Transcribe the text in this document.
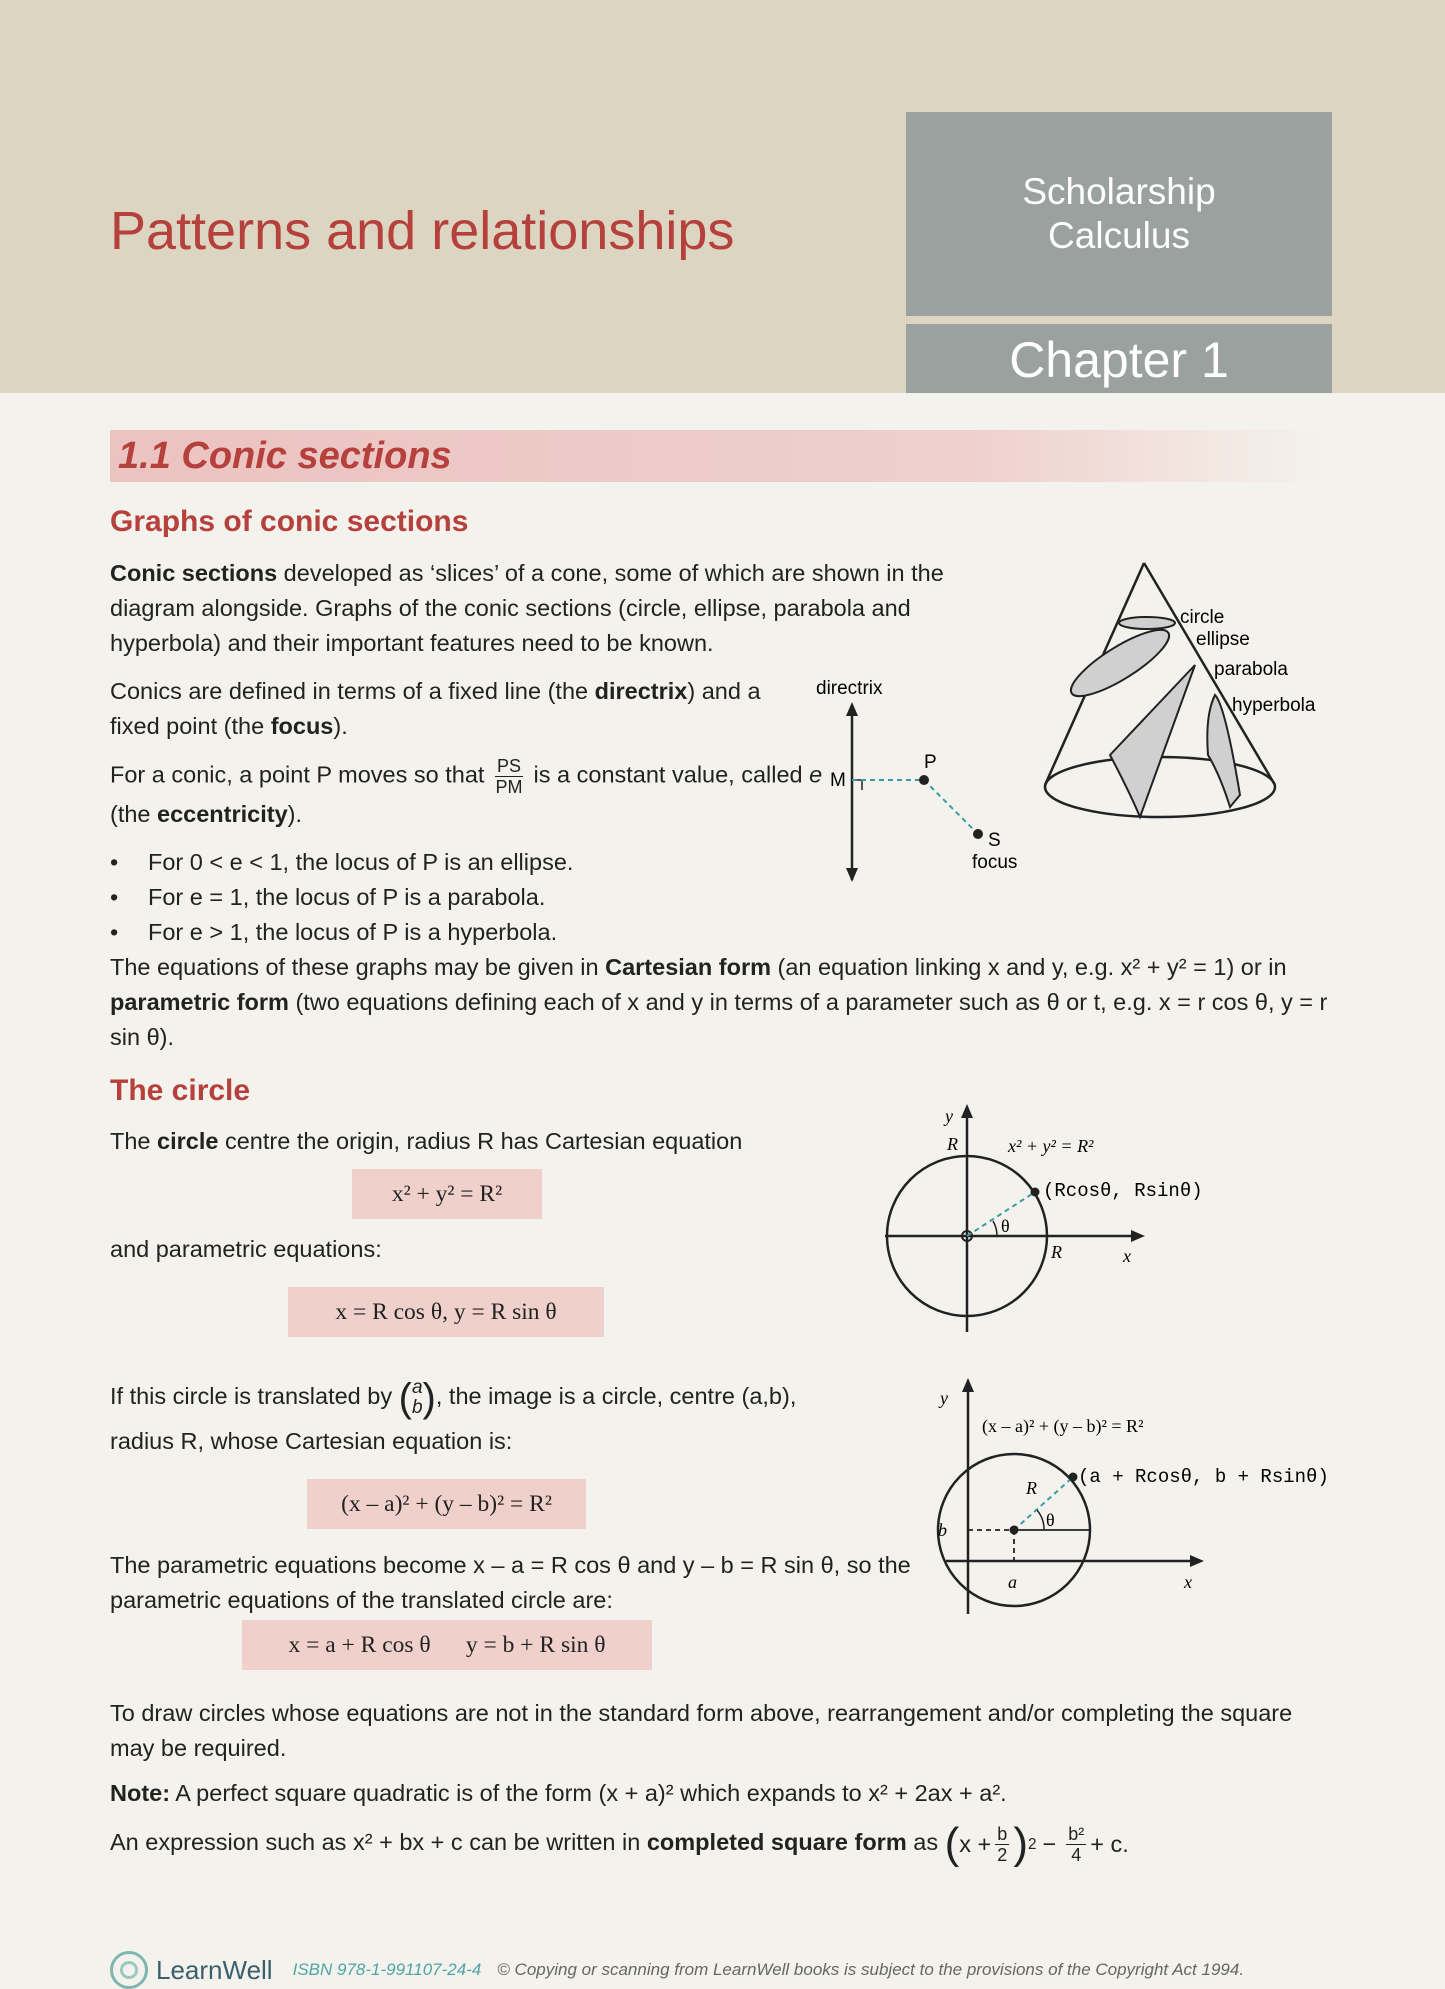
Patterns and relationships
Scholarship
Calculus
Chapter 1
1.1 Conic sections
Graphs of conic sections

Conic sections developed as ‘slices’ of a cone, some of which are shown in the diagram alongside. Graphs of the conic sections (circle, ellipse, parabola and hyperbola) and their important features need to be known.

Conics are defined in terms of a fixed line (the directrix) and a fixed point (the focus).

For a conic, a point P moves so that $\frac{PS}{PM}$ is a constant value, called e (the eccentricity).

• For 0 < e < 1, the locus of P is an ellipse.
• For e = 1, the locus of P is a parabola.
• For e > 1, the locus of P is a hyperbola.

The equations of these graphs may be given in Cartesian form (an equation linking x and y, e.g. x² + y² = 1) or in parametric form (two equations defining each of x and y in terms of a parameter such as θ or t, e.g. x = r cos θ, y = r sin θ).

directrix
M
P
S
focus
circle
ellipse
parabola
hyperbola
The circle

The circle centre the origin, radius R has Cartesian equation

x² + y² = R²

and parametric equations:

x = R cos θ, y = R sin θ

If this circle is translated by ( a
b ) , the image is a circle, centre (a,b),

radius R, whose Cartesian equation is:

(x – a)² + (y – b)² = R²

The parametric equations become x – a = R cos θ and y – b = R sin θ, so the parametric equations of the translated circle are:

x = a + R cos θ      y = b + R sin θ

To draw circles whose equations are not in the standard form above, rearrangement and/or completing the square may be required.

Note: A perfect square quadratic is of the form (x + a)² which expands to x² + 2ax + a².

An expression such as x² + bx + c can be written in completed square form as ( $x + \frac{b}{2}$ ) $2 - \frac{\text{b²}}{4} + c$.

y
R	x² + y² = R²
(Rcosθ, Rsinθ)
θ
R	x
y
(x – a)² + (y – b)² = R²
(a + Rcosθ, b + Rsinθ)
R
θ
b
a	x
LearnWell ISBN 978-1-991107-24-4 © Copying or scanning from LearnWell books is subject to the provisions of the Copyright Act 1994.
